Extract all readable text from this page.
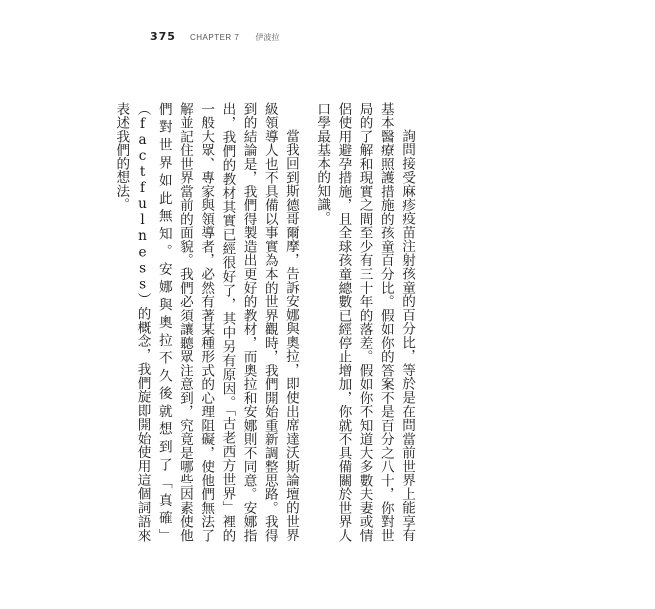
375 CHAPTER 7 伊波拉

詢問接受麻疹疫苗注射孩童的百分比，等於是在問當前世界上能享有基本醫療照護措施的孩童百分比。假如你的答案不是百分之八十，你對世局的了解和現實之間至少有三十年的落差。假如你不知道大多數夫妻或情侶使用避孕措施，且全球孩童總數已經停止增加，你就不具備關於世界人口學最基本的知識。

當我回到斯德哥爾摩，告訴安娜與奧拉，即使出席達沃斯論壇的世界級領導人也不具備以事實為本的世界觀時，我們開始重新調整思路。我得到的結論是，我們得製造出更好的教材，而奧拉和安娜則不同意。安娜指出，我們的教材其實已經很好了，其中另有原因。「古老西方世界」裡的一般大眾、專家與領導者，必然有著某種形式的心理阻礙，使他們無法了解並記住世界當前的面貌。我們必須讓聽眾注意到，究竟是哪些因素使他們對世界如此無知。安娜與奧拉不久後就想到了「真確」（factfulness）的概念，我們旋即開始使用這個詞語來表述我們的想法。
